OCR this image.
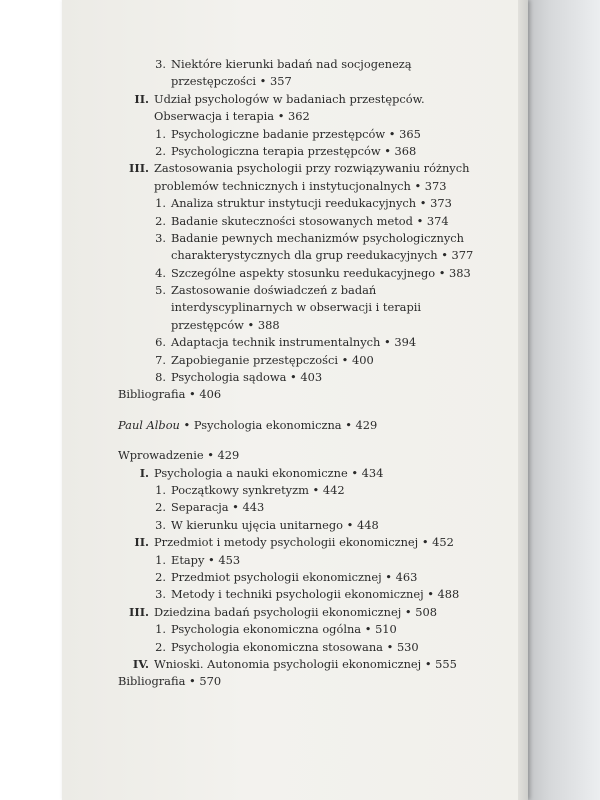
3. Niektóre kierunki badań nad socjogenezą
przestępczości • 357
II. Udział psychologów w badaniach przestępców.
Obserwacja i terapia • 362
1. Psychologiczne badanie przestępców • 365
2. Psychologiczna terapia przestępców • 368
III. Zastosowania psychologii przy rozwiązywaniu różnych
problemów technicznych i instytucjonalnych • 373
1. Analiza struktur instytucji reedukacyjnych • 373
2. Badanie skuteczności stosowanych metod • 374
3. Badanie pewnych mechanizmów psychologicznych
charakterystycznych dla grup reedukacyjnych • 377
4. Szczególne aspekty stosunku reedukacyjnego • 383
5. Zastosowanie doświadczeń z badań
interdyscyplinarnych w obserwacji i terapii
przestępców • 388
6. Adaptacja technik instrumentalnych • 394
7. Zapobieganie przestępczości • 400
8. Psychologia sądowa • 403
Bibliografia • 406
Paul Albou • Psychologia ekonomiczna • 429
Wprowadzenie • 429
I. Psychologia a nauki ekonomiczne • 434
1. Początkowy synkretyzm • 442
2. Separacja • 443
3. W kierunku ujęcia unitarnego • 448
II. Przedmiot i metody psychologii ekonomicznej • 452
1. Etapy • 453
2. Przedmiot psychologii ekonomicznej • 463
3. Metody i techniki psychologii ekonomicznej • 488
III. Dziedzina badań psychologii ekonomicznej • 508
1. Psychologia ekonomiczna ogólna • 510
2. Psychologia ekonomiczna stosowana • 530
IV. Wnioski. Autonomia psychologii ekonomicznej • 555
Bibliografia • 570
